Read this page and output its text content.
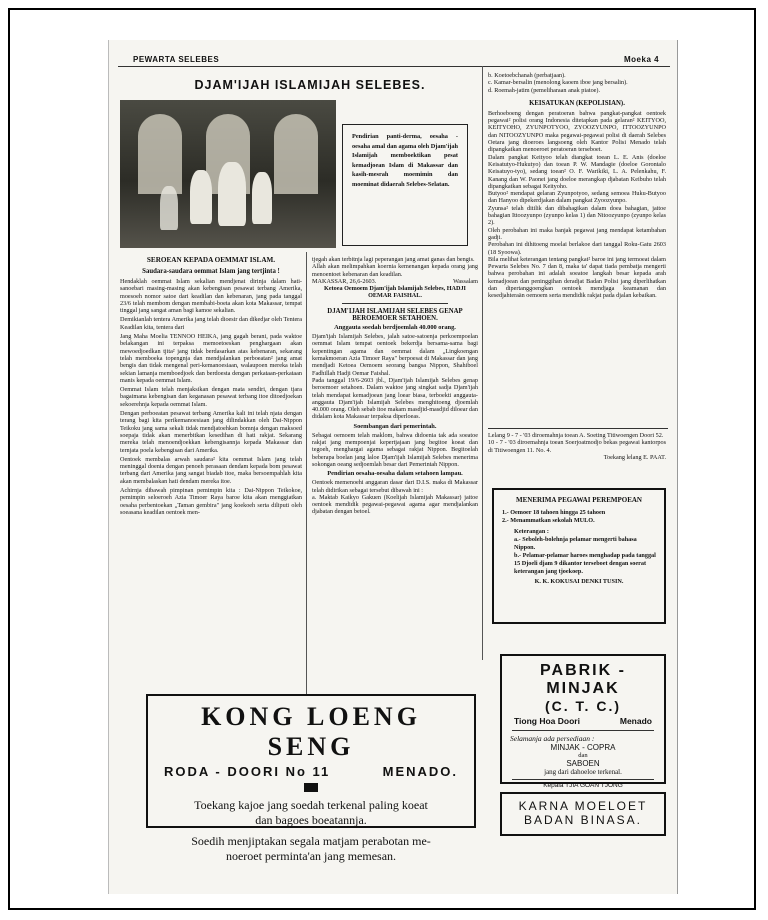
PEWARTA SELEBES	Moeka 4
DJAM'IJAH ISLAMIJAH SELEBES.
Pendirian panti-derma, oesaha - oesaha amal dan agama oleh Djam'ijah Islamijah memboektikan pesat kemadjoean Islam di Makassar dan kasih-mesrah moemimin dan moeminat didaerah Selebes-Selatan.
SEROEAN KEPADA OEMMAT ISLAM.
Saudara-saudara oemmat Islam jang tertjinta !
Hendaklah oemmat Islam sekalian mendjenat dirinja dalam hati-sanoebari masing-masing akan kebengisan pesawat terbang Amerika, moesoeh nomor satoe dari keadilan dan kebenaran, jang pada tanggal 23/6 telah membom dengan membabi-boeta akan kota Makassar, tempat tinggal jang sangat aman bagi kamoe sekalian.
Demikianlah tentera Amerika jang telah dioesir dan dikedjar oleh Tentera Keadilan kita, tentera dari
Jang Maha Moelia TENNOO HEIKA, jang gagah berani, pada waktoe belakangan ini terpaksa memoetoeskan penghargaan akan mewoedjoedkan tjita² jang tidak berdasarkan atas kebenaran, sekarang telah memboeka topengnja dan mendjalankan perboeatan² jang amat bengis dan tidak mengenal peri-kemanoesiaan, walaupoen mereka telah sekian lamanja memboedjoek dan berdoesta dengan perkataan-perkataan manis kepada oemmat Islam.
Oemmat Islam telah menjaksikan dengan mata sendiri, dengan tjara bagaimana kebengisan dan keganasan pesawat terbang itoe ditoedjoekan sekoerehnja kepada oemmat Islam.
Dengan perboeatan pesawat terbang Amerika kali ini telah njata dengan terang bagi kita perikemanoesiaan jang dilindakkan oleh Dai-Nippon Teikoku jang sama sekali tidak mendjatoehkan bomnja dengan maksoed soepaja tidak akan menerbitkan kesedihan di hati rakjat. Sekarang mereka telah menoendjoekkan kebengisannja kepada Makassar dan ternjata poela kebengisan dari Amerika.
Oentoek membalas arwah saudara² kita oemmat Islam jang telah meninggal doenia dengan penoeh perasaan dendam kepada bom pesawat terbang dari Amerika jang sangat biadab itoe, maka bersoempahlah kita akan membalaskan hati dendam mereka itoe.
Achirnja dibawah pimpinan pemimpin kita : Dai-Nippon Teikokoe, pemimpin seloeroeh Azia Timoer Raya baroe kita akan menggiatkan oesaha perbentoekan „Taman gembira" jang koekoeh serta diliputi oleh soeasana keadilan oentoek men-
tjegah akan terbitnja lagi peperangan jang amat ganas dan bengis.
Allah akan melimpahkan koernia kemenangan kepada orang jang menoentoet kebenaran dan keadilan.
MAKASSAR, 26,6-2603.	Wassalam
Ketoea Oemoem Djam'ijah Islamijah Selebes, HADJI OEMAR FAISHAL.
DJAM'IJAH ISLAMIJAH SELEBES GENAP BEROEMOER SETAHOEN.
Anggauta soedah berdjoemlah 40.000 orang.
Djam'ijah Islamijah Selebes, jalah satoe-satoenja perkoempoelan oemmat Islam tempat oentoek bekerdja bersama-sama bagi kepentingan agama dan oemmat dalam „Lingkoengan kemakmoeran Azia Timoer Raya" berpoesat di Makassar dan jang mendjadi Ketoea Oemoem seorang bangsa Nippon, Shahiboel Fadhillah Hadji Oemar Faishal.
Pada tanggal 19/6-2603 jbl., Djam'ijah Islamijah Selebes genap beroemoer setahoen. Dalam waktoe jang singkat sadja Djam'ijah telah mendapat kemadjoean jang loear biasa, terboekti anggauta-anggauta Djam'ijah Islamijah Selebes menghitoeng djoemlah 40.000 orang. Oleh sebab itoe makam masdjid-masdjid diloear dan didalam kota Makassar terpaksa diperloeas.
Soembangan dari pemerintah.
Sebagai oemoem telah maklom, bahwa didoenia tak ada soeatoe rakjat jang mempoenjai kepertjajaan jang begitoe koeat dan tegoeh, menghargai agama sebagai rakjat Nippon. Begitoelah beberapa boelan jang laloe Djam'ijah Islamijah Selebes menerima sokongan oeang sedjoemlah besar dari Pemerintah Nippon.
Pendirian oesaha-oesaha dalam setahoen lampau.
Oentoek memenoehi anggaran dasar dari D.I.S. maka di Makassar telah didirikan sebagai tersebut dibawah ini :
a. Maktab Kaikyo Gakuen (Koelijah Islamijah Makassar) jaitoe oentoek mendidik pegawai-pegawai agama agar mendjalankan djabatan dengan betoel.
b. Koetoebchanah (perbatjaan).
c. Kamar-bersalin (menolong kaoem iboe jang bersalin).
d. Roemah-jatim (pemeliharaan anak piatoe).
KEISATUKAN (KEPOLISIAN).
Berhoeboeng dengan peratoeran bahwa pangkat-pangkat oentoek pegawai² polisi orang Indonesia ditetapkan pada gelaran² KEITYOO, KEITYOHO, ZYUNPOTYOO, ZYOOZYUNPO, ITTOOZYUNPO dan NITOOZYUNPO maka pegawai-pegawai polisi di daerah Selebes Oetara jang dioeroes langsoeng oleh Kantor Polisi Menado telah dipangkatkan menoeroet peratoeran terseboet.
Dalam pangkat Keityoo telah diangkat toean L. E. Anis (doeloe Keisatutyo-Hukutyo) dan toean P. W. Mandagie (doeloe Gorontalo Keisatuyo-tyo), sedang toean² O. F. Warikiki, L. A. Pelenkahu, F. Kanang dan W. Paonei jang doeloe merangkap djabatan Keibuho telah dipangkatkan sebagai Keityoho.
Butyoo² mendapat gelaran Zyunpotyoo, sedang semoea Huku-Butyoo dan Hanyoo dipekerdjakan dalam pangkat Zyoozyunpo.
Zyunsa² telah ditilik dan dibahagikan dalam doea bahagian, jaitoe bahagian Ittoozyunpo (zyunpo kelas 1) dan Nitoozyunpo (zyunpo kelas 2).
Oleh perobahan ini maka banjak pegawai jang mendapat ketambahan gadji.
Perobahan ini dihitoeng moelai berlakoe dari tanggal Roku-Gatu 2603 (18 Syoowa).
Bila melihat keterangan tentang pangkat² baroe ini jang termoeat dalam Pewarta Selebes No. 7 dan 8, maka ta' dapat tiada pembatja mengerti bahwa perobahan ini adalah soeatoe langkah besar kepada arah kemadjoean dan peninggihan deradjat Badan Polisi jang diperlihatkan dan dipertanggoengkan oentoek mendjaga keamanan dan kesedjahteraän oemoem serta mendidik rakjat pada djalan kebaikan.
Lelang 9 - 7 - '03 diroemahnja toean A. Soeting Titiwoengen Doori 52.
10 - 7 - '03 diroemahnja toean Soerjoatmodjo bekas pegawai kantorpos di Titiwoengen 11. No. 4.
Toekang lelang E. PAAT.
MENERIMA PEGAWAI PEREMPOEAN
1.- Oemoer 18 tahoen hingga 25 tahoen
2.- Menammatkan sekolah MULO.
Keterangan :
a.- Seboleh-bolehnja pelamar mengerti bahasa Nippon.
b.- Pelamar-pelamar haroes menghadap pada tanggal 15 Djoeli djam 9 dikantor terseboet dengan soerat keterangan jang tjoekoep.
K. K. KOKUSAI DENKI TUSIN.
PABRIK - MINJAK
(C. T. C.)
Tiong Hoa Doori	Menado
Selamanja ada persediaan :
MINJAK - COPRA
dan
SABOEN
jang dari dahoeloe terkenal.
Kepala TJIA GOAN TJONG
KARNA MOELOET
BADAN BINASA.
KONG LOENG SENG
RODA - DOORI No 11	MENADO.
Toekang kajoe jang soedah terkenal paling koeat
dan bagoes boeatannja.
Soedih menjiptakan segala matjam perabotan me-
noeroet perminta'an jang memesan.
